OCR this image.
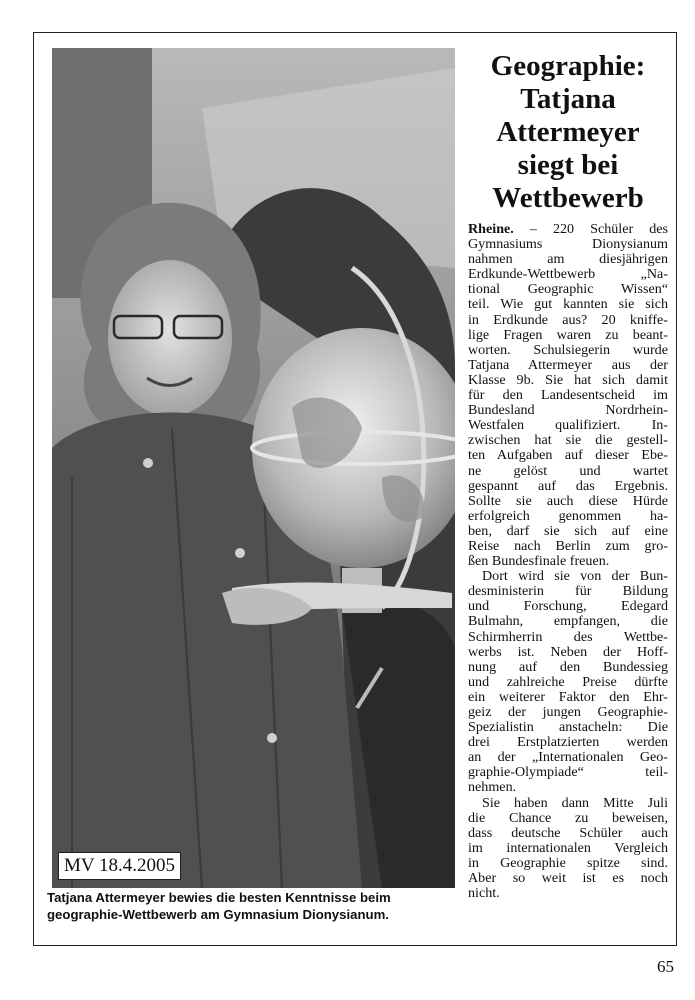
MV 18.4.2005
Tatjana Attermeyer bewies die besten Kenntnisse beim
geographie-Wettbewerb am Gymnasium Dionysianum.
Geographie:
Tatjana
Attermeyer
siegt bei
Wettbewerb
Rheine. – 220 Schüler des
Gymnasiums Dionysianum
nahmen am diesjährigen
Erdkunde-Wettbewerb „Na-
tional Geographic Wissen“
teil. Wie gut kannten sie sich
in Erdkunde aus? 20 kniffe-
lige Fragen waren zu beant-
worten. Schulsiegerin wurde
Tatjana Attermeyer aus der
Klasse 9b. Sie hat sich damit
für den Landesentscheid im
Bundesland Nordrhein-
Westfalen qualifiziert. In-
zwischen hat sie die gestell-
ten Aufgaben auf dieser Ebe-
ne gelöst und wartet
gespannt auf das Ergebnis.
Sollte sie auch diese Hürde
erfolgreich genommen ha-
ben, darf sie sich auf eine
Reise nach Berlin zum gro-
ßen Bundesfinale freuen.
Dort wird sie von der Bun-
desministerin für Bildung
und Forschung, Edegard
Bulmahn, empfangen, die
Schirmherrin des Wettbe-
werbs ist. Neben der Hoff-
nung auf den Bundessieg
und zahlreiche Preise dürfte
ein weiterer Faktor den Ehr-
geiz der jungen Geographie-
Spezialistin anstacheln: Die
drei Erstplatzierten werden
an der „Internationalen Geo-
graphie-Olympiade“ teil-
nehmen.
Sie haben dann Mitte Juli
die Chance zu beweisen,
dass deutsche Schüler auch
im internationalen Vergleich
in Geographie spitze sind.
Aber so weit ist es noch
nicht.
65
